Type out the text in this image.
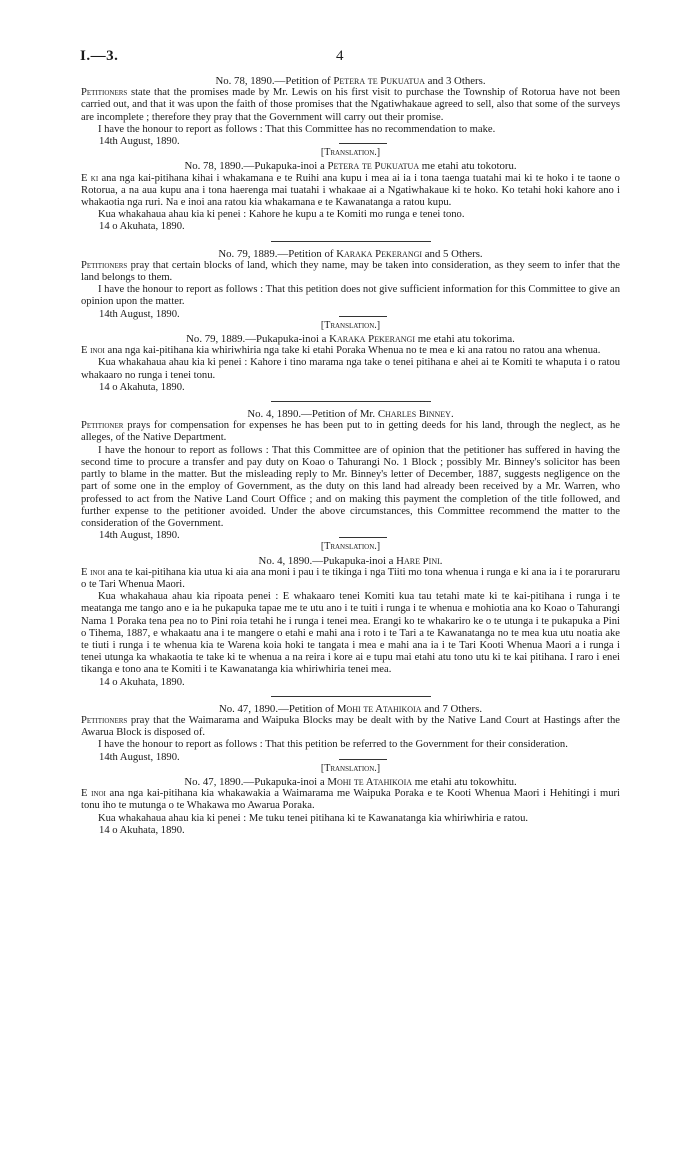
I.—3.	4
No. 78, 1890.—Petition of Petera te Pukuatua and 3 Others.

Petitioners state that the promises made by Mr. Lewis on his first visit to purchase the Township of Rotorua have not been carried out, and that it was upon the faith of those promises that the Ngatiwhakaue agreed to sell, also that some of the surveys are incomplete ; therefore they pray that the Government will carry out their promise.

I have the honour to report as follows : That this Committee has no recommendation to make.

14th August, 1890.

[Translation.]
No. 78, 1890.—Pukapuka-inoi a Petera te Pukuatua me etahi atu tokotoru.

E ki ana nga kai-pitihana kihai i whakamana e te Ruihi ana kupu i mea ai ia i tona taenga tuatahi mai ki te hoko i te taone o Rotorua, a na aua kupu ana i tona haerenga mai tuatahi i whakaae ai a Ngatiwhakaue ki te hoko. Ko tetahi hoki kahore ano i whakaotia nga ruri. Na e inoi ana ratou kia whakamana e te Kawanatanga a ratou kupu.

Kua whakahaua ahau kia ki penei : Kahore he kupu a te Komiti mo runga e tenei tono.

14 o Akuhata, 1890.

No. 79, 1889.—Petition of Karaka Pekerangi and 5 Others.

Petitioners pray that certain blocks of land, which they name, may be taken into consideration, as they seem to infer that the land belongs to them.

I have the honour to report as follows : That this petition does not give sufficient information for this Committee to give an opinion upon the matter.

14th August, 1890.

[Translation.]
No. 79, 1889.—Pukapuka-inoi a Karaka Pekerangi me etahi atu tokorima.

E inoi ana nga kai-pitihana kia whiriwhiria nga take ki etahi Poraka Whenua no te mea e ki ana ratou no ratou ana whenua.

Kua whakahaua ahau kia ki penei : Kahore i tino marama nga take o tenei pitihana e ahei ai te Komiti te whaputa i o ratou whakaaro no runga i tenei tonu.

14 o Akahuta, 1890.

No. 4, 1890.—Petition of Mr. Charles Binney.

Petitioner prays for compensation for expenses he has been put to in getting deeds for his land, through the neglect, as he alleges, of the Native Department.

I have the honour to report as follows : That this Committee are of opinion that the petitioner has suffered in having the second time to procure a transfer and pay duty on Koao o Tahurangi No. 1 Block ; possibly Mr. Binney's solicitor has been partly to blame in the matter. But the misleading reply to Mr. Binney's letter of December, 1887, suggests negligence on the part of some one in the employ of Government, as the duty on this land had already been received by a Mr. Warren, who professed to act from the Native Land Court Office ; and on making this payment the completion of the title followed, and further expense to the petitioner avoided. Under the above circumstances, this Committee recommend the matter to the consideration of the Government.

14th August, 1890.

[Translation.]
No. 4, 1890.—Pukapuka-inoi a Hare Pini.

E inoi ana te kai-pitihana kia utua ki aia ana moni i pau i te tikinga i nga Tiiti mo tona whenua i runga e ki ana ia i te poraruraru o te Tari Whenua Maori.

Kua whakahaua ahau kia ripoata penei : E whakaaro tenei Komiti kua tau tetahi mate ki te kai-pitihana i runga i te meatanga me tango ano e ia he pukapuka tapae me te utu ano i te tuiti i runga i te whenua e mohiotia ana ko Koao o Tahurangi Nama 1 Poraka tena pea no to Pini roia tetahi he i runga i tenei mea. Erangi ko te whakariro ke o te utunga i te pukapuka a Pini o Tihema, 1887, e whakaatu ana i te mangere o etahi e mahi ana i roto i te Tari a te Kawanatanga no te mea kua utu noatia ake te tiuti i runga i te whenua kia te Warena koia hoki te tangata i mea e mahi ana ia i te Tari Kooti Whenua Maori a i runga i tenei utunga ka whakaotia te take ki te whenua a na reira i kore ai e tupu mai etahi atu tono utu ki te kai pitihana. I raro i enei tikanga e tono ana te Komiti i te Kawanatanga kia whiriwhiria tenei mea.

14 o Akuhata, 1890.

No. 47, 1890.—Petition of Mohi te Atahikoia and 7 Others.

Petitioners pray that the Waimarama and Waipuka Blocks may be dealt with by the Native Land Court at Hastings after the Awarua Block is disposed of.

I have the honour to report as follows : That this petition be referred to the Government for their consideration.

14th August, 1890.

[Translation.]
No. 47, 1890.—Pukapuka-inoi a Mohi te Atahikoia me etahi atu tokowhitu.

E inoi ana nga kai-pitihana kia whakawakia a Waimarama me Waipuka Poraka e te Kooti Whenua Maori i Hehitingi i muri tonu iho te mutunga o te Whakawa mo Awarua Poraka.

Kua whakahaua ahau kia ki penei : Me tuku tenei pitihana ki te Kawanatanga kia whiriwhiria e ratou.

14 o Akuhata, 1890.
